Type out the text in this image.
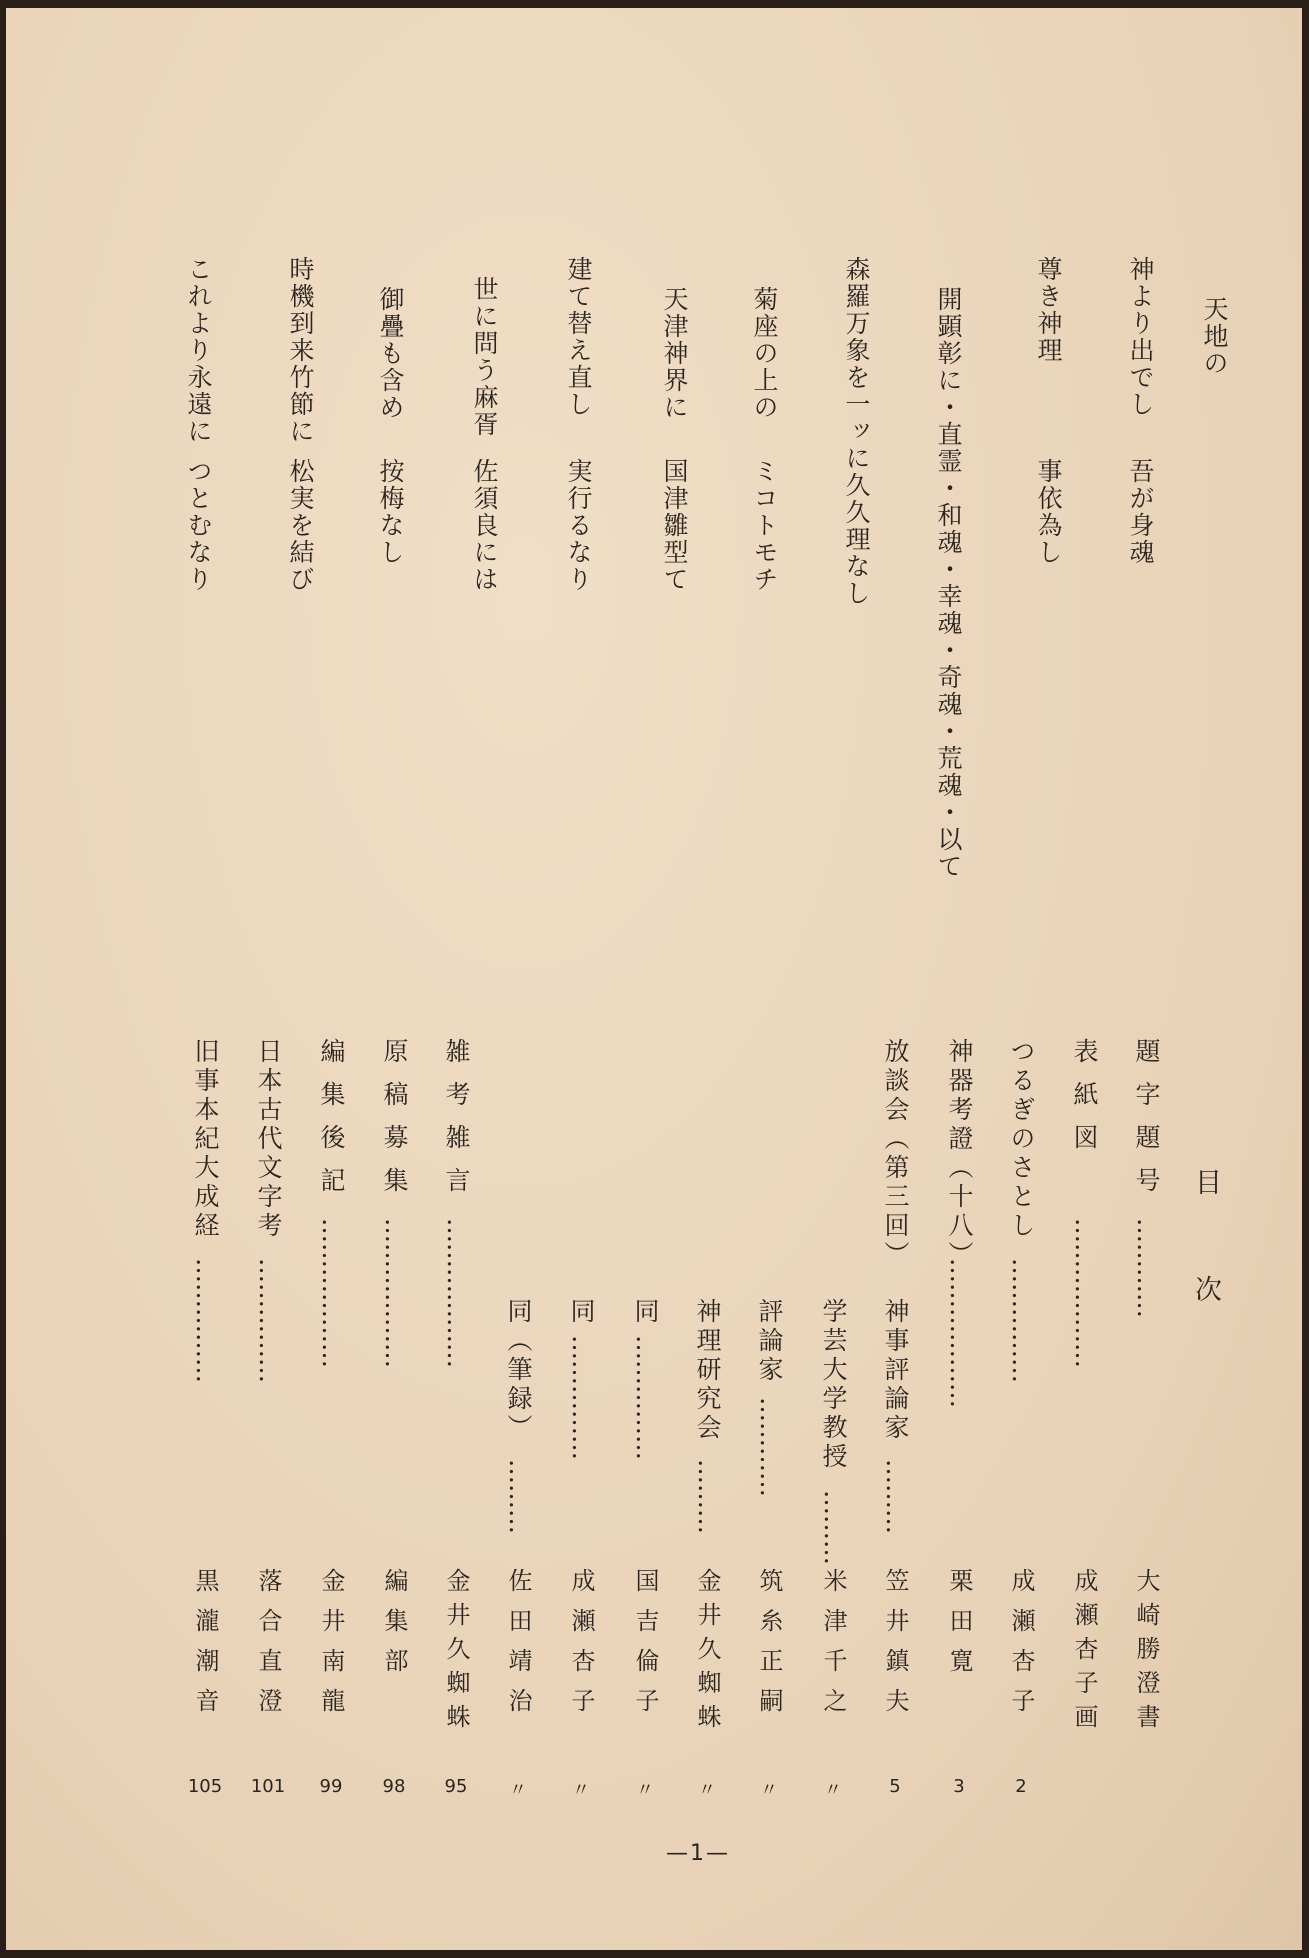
天地の
神より出でし
吾が身魂
尊き神理
事依為し
開顕彰に・直霊・和魂・幸魂・奇魂・荒魂・以て
森羅万象を一ッに久久理なし
菊座の上の
ミコトモチ
天津神界に
国津雛型て
建て替え直し
実行るなり
世に問う麻胥
佐須良には
御疊も含め
按梅なし
時機到来竹節に
松実を結び
これより永遠に
つとむなり
目次
題字題号
…………
大崎勝澄書
表紙図
………………
成瀬杏子画
つるぎのさとし
……………
成瀬杏子
2
神器考證（十八）
………………
栗田寛
3
放談会（第三回）
神事評論家
………
笠井鎮夫
5
学芸大学教授
………
米津千之
〃
評論家
…………
筑糸正嗣
〃
神理研究会
………
金井久蜘蛛
〃
同
……………
国吉倫子
〃
同
……………
成瀬杏子
〃
同（筆録）
………
佐田靖治
〃
雑考雑言
………………
金井久蜘蛛
95
原稿募集
………………
編集部
98
編集後記
………………
金井南龍
99
日本古代文字考
……………
落合直澄
101
旧事本紀大成経
……………
黒瀧潮音
105
—1—
